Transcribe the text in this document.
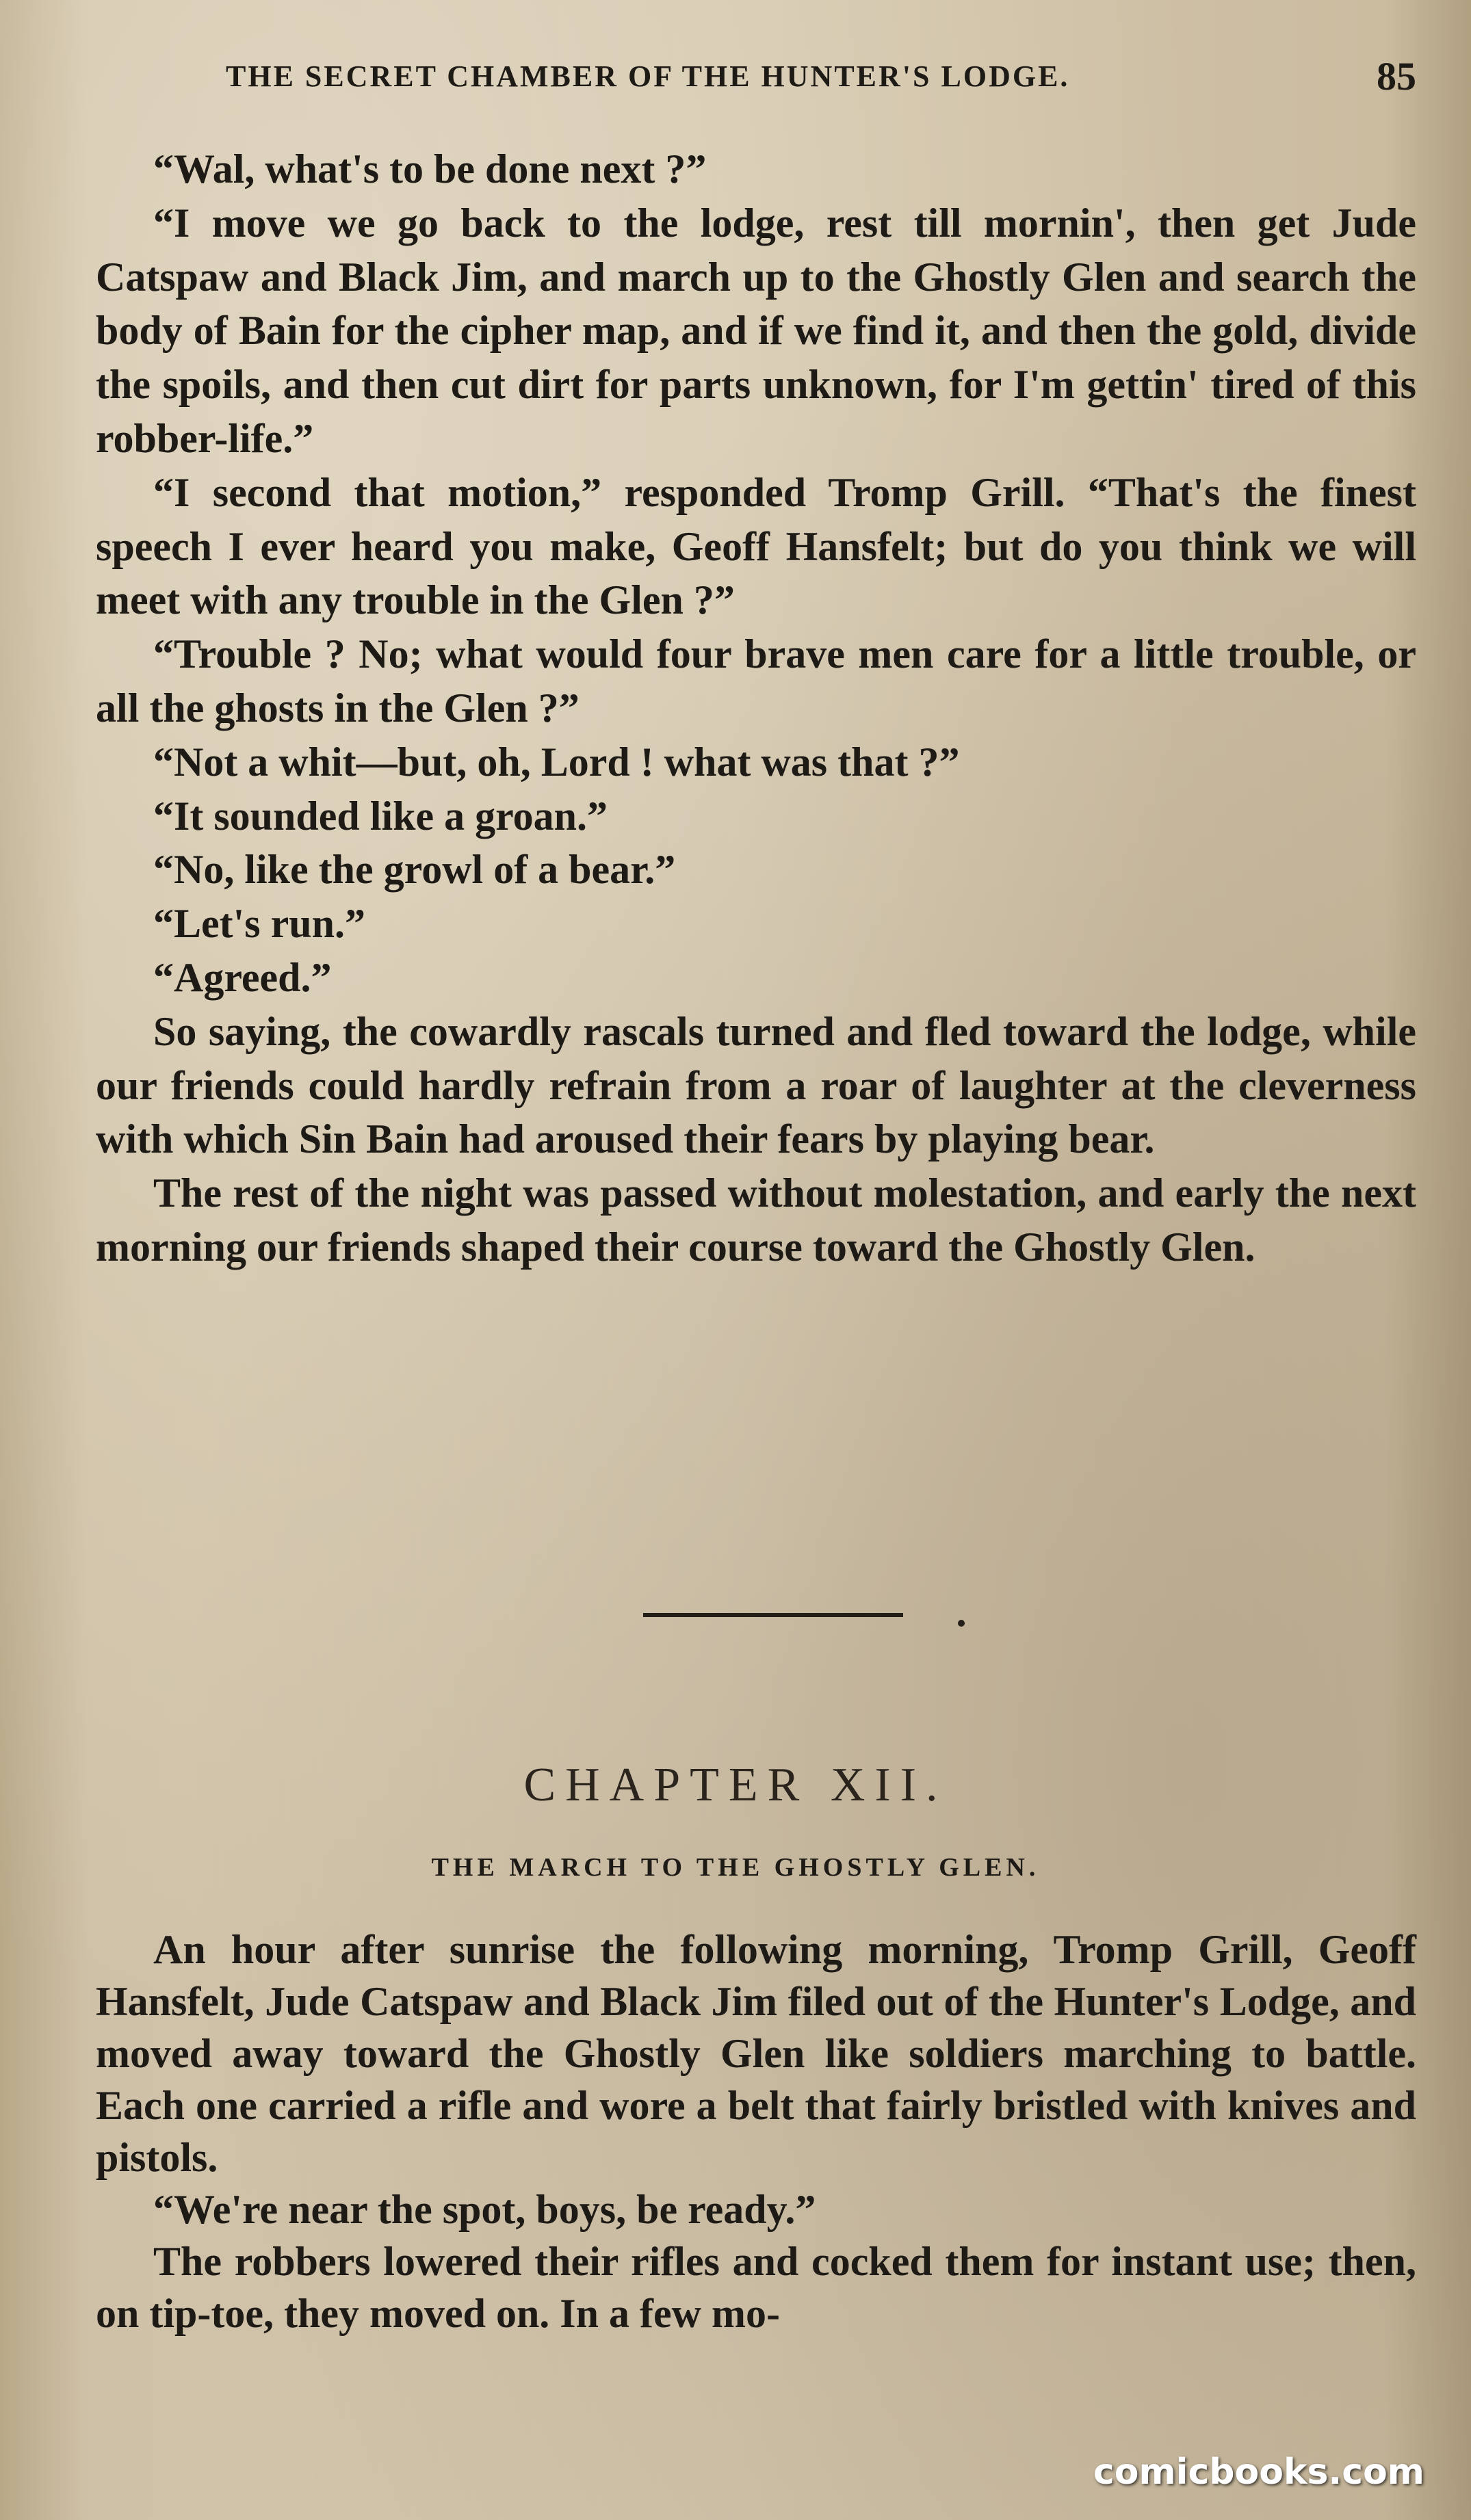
THE SECRET CHAMBER OF THE HUNTER'S LODGE.	85

“Wal, what's to be done next ?”

“I move we go back to the lodge, rest till mornin', then get Jude Catspaw and Black Jim, and march up to the Ghostly Glen and search the body of Bain for the cipher map, and if we find it, and then the gold, divide the spoils, and then cut dirt for parts unknown, for I'm gettin' tired of this robber-life.”

“I second that motion,” responded Tromp Grill. “That's the finest speech I ever heard you make, Geoff Hansfelt; but do you think we will meet with any trouble in the Glen ?”

“Trouble ? No; what would four brave men care for a little trouble, or all the ghosts in the Glen ?”

“Not a whit—but, oh, Lord ! what was that ?”

“It sounded like a groan.”

“No, like the growl of a bear.”

“Let's run.”

“Agreed.”

So saying, the cowardly rascals turned and fled toward the lodge, while our friends could hardly refrain from a roar of laughter at the cleverness with which Sin Bain had aroused their fears by playing bear.

The rest of the night was passed without molestation, and early the next morning our friends shaped their course toward the Ghostly Glen.

CHAPTER XII.
THE MARCH TO THE GHOSTLY GLEN.

An hour after sunrise the following morning, Tromp Grill, Geoff Hansfelt, Jude Catspaw and Black Jim filed out of the Hunter's Lodge, and moved away toward the Ghostly Glen like soldiers marching to battle. Each one carried a rifle and wore a belt that fairly bristled with knives and pistols.

“We're near the spot, boys, be ready.”

The robbers lowered their rifles and cocked them for instant use; then, on tip-toe, they moved on. In a few mo-

comicbooks.com
